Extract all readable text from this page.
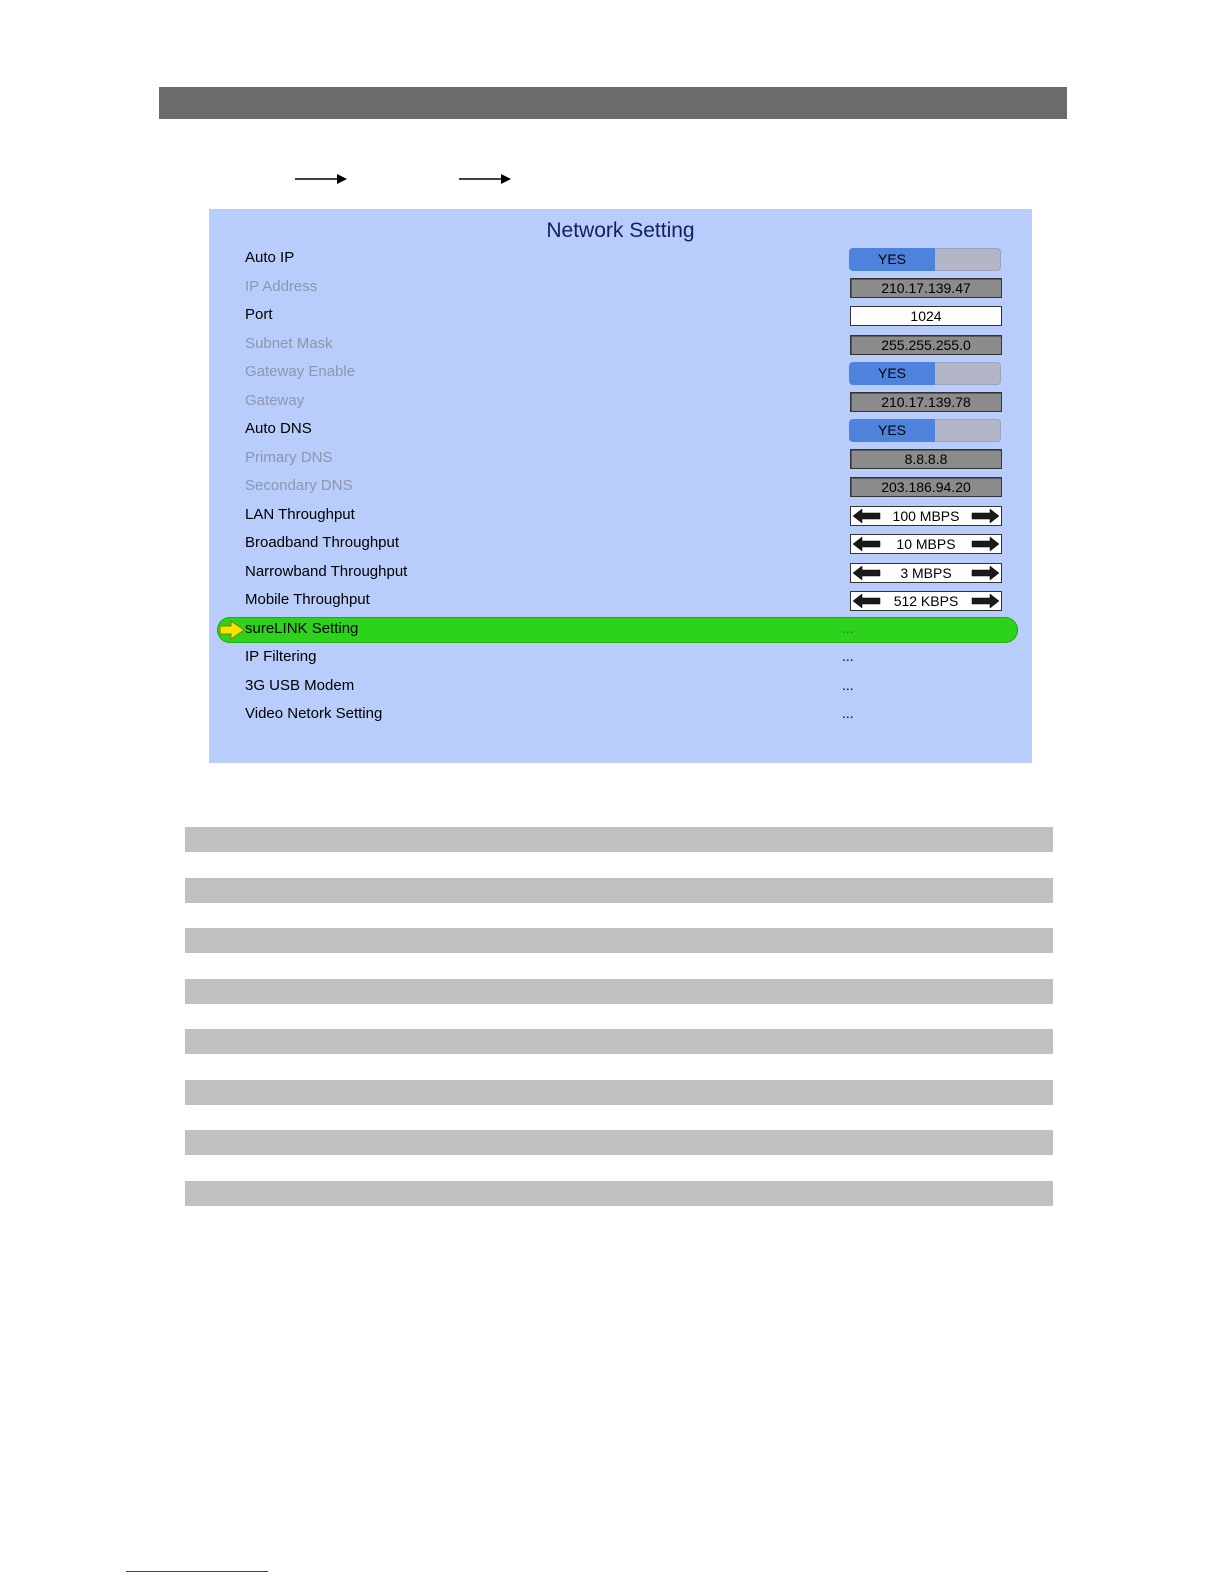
Network Setting
Auto IP	YES
IP Address	210.17.139.47
Port	1024
Subnet Mask	255.255.255.0
Gateway Enable	YES
Gateway	210.17.139.78
Auto DNS	YES
Primary DNS	8.8.8.8
Secondary DNS	203.186.94.20
LAN Throughput	100 MBPS
Broadband Throughput	10 MBPS
Narrowband Throughput	3 MBPS
Mobile Throughput	512 KBPS
sureLINK Setting	...
IP Filtering	...
3G USB Modem	...
Video Netork Setting	...
